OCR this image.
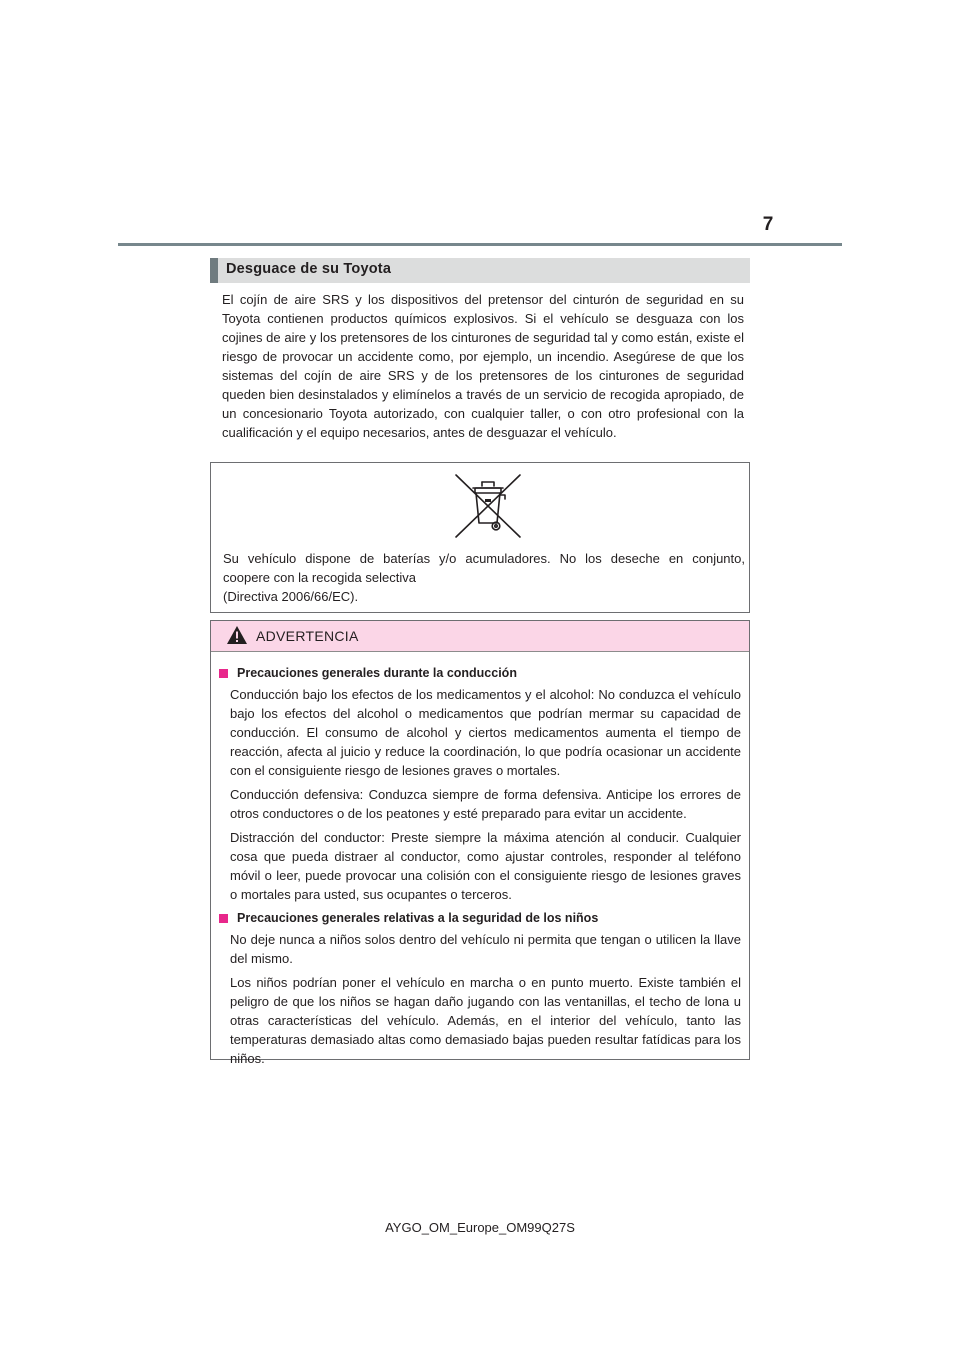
7
Desguace de su Toyota

El cojín de aire SRS y los dispositivos del pretensor del cinturón de seguridad en su Toyota contienen productos químicos explosivos. Si el vehículo se desguaza con los cojines de aire y los pretensores de los cinturones de seguridad tal y como están, existe el riesgo de provocar un accidente como, por ejemplo, un incendio. Asegúrese de que los sistemas del cojín de aire SRS y de los pretensores de los cinturones de seguridad queden bien desinstalados y elimínelos a través de un servicio de recogida apropiado, de un concesionario Toyota autorizado, con cualquier taller, o con otro profesional con la cualificación y el equipo necesarios, antes de desguazar el vehículo.

Su vehículo dispone de baterías y/o acumuladores. No los deseche en conjunto,
coopere con la recogida selectiva
(Directiva 2006/66/EC).
ADVERTENCIA
Precauciones generales durante la conducción

Conducción bajo los efectos de los medicamentos y el alcohol: No conduzca el vehículo bajo los efectos del alcohol o medicamentos que podrían mermar su capacidad de conducción. El consumo de alcohol y ciertos medicamentos aumenta el tiempo de reacción, afecta al juicio y reduce la coordinación, lo que podría ocasionar un accidente con el consiguiente riesgo de lesiones graves o mortales.

Conducción defensiva: Conduzca siempre de forma defensiva. Anticipe los errores de otros conductores o de los peatones y esté preparado para evitar un accidente.

Distracción del conductor: Preste siempre la máxima atención al conducir. Cualquier cosa que pueda distraer al conductor, como ajustar controles, responder al teléfono móvil o leer, puede provocar una colisión con el consiguiente riesgo de lesiones graves o mortales para usted, sus ocupantes o terceros.

Precauciones generales relativas a la seguridad de los niños

No deje nunca a niños solos dentro del vehículo ni permita que tengan o utilicen la llave del mismo.

Los niños podrían poner el vehículo en marcha o en punto muerto. Existe también el peligro de que los niños se hagan daño jugando con las ventanillas, el techo de lona u otras características del vehículo. Además, en el interior del vehículo, tanto las temperaturas demasiado altas como demasiado bajas pueden resultar fatídicas para los niños.

AYGO_OM_Europe_OM99Q27S
